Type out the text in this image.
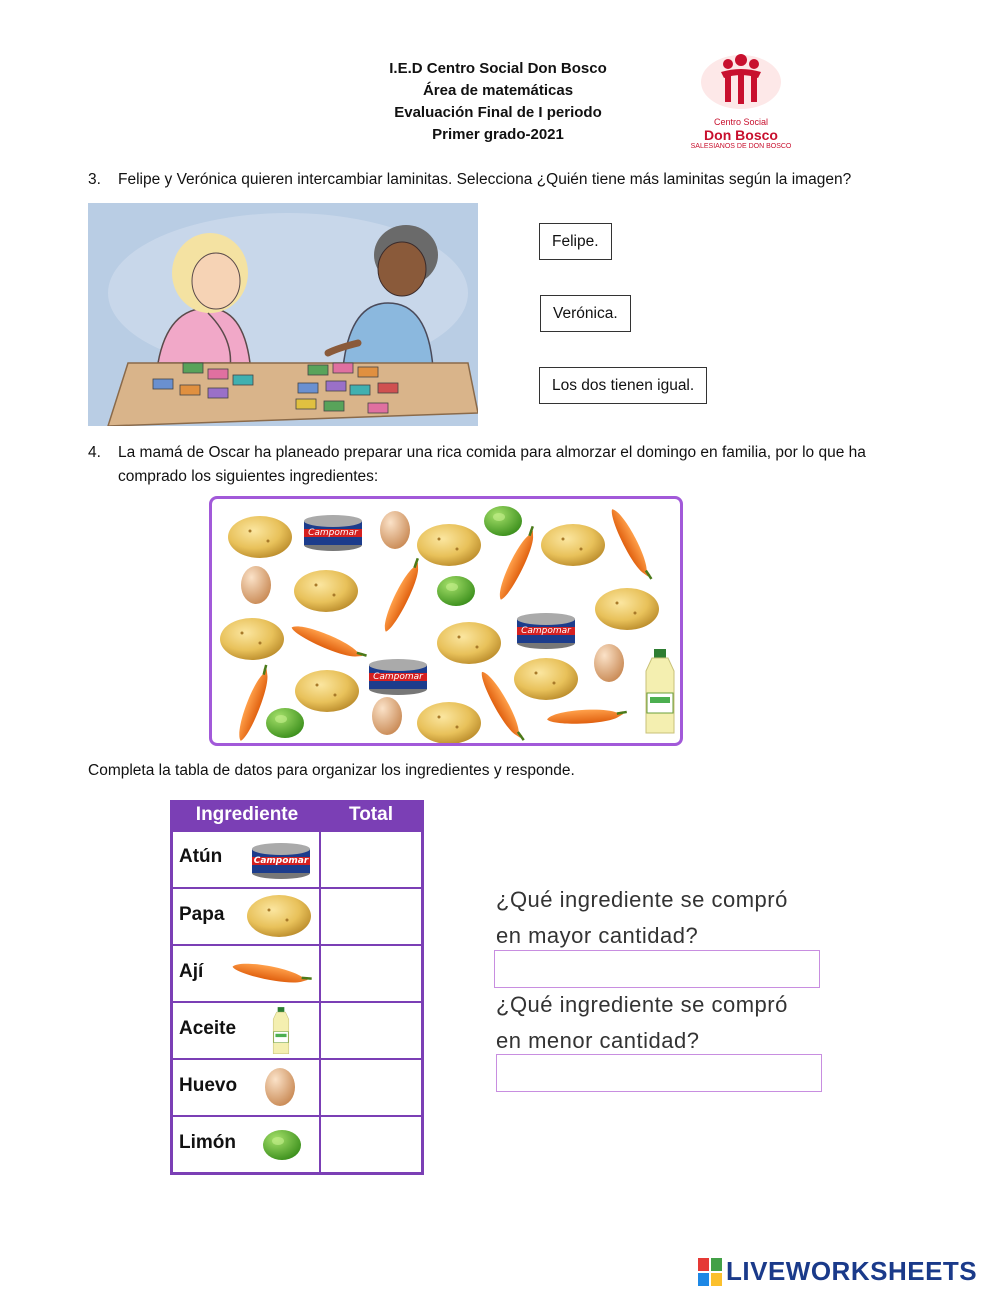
I.E.D Centro Social Don Bosco
Área de matemáticas
Evaluación Final de I periodo
Primer grado-2021
Centro Social
Don Bosco
SALESIANOS DE DON BOSCO
3. Felipe y Verónica quieren intercambiar laminitas. Selecciona ¿Quién tiene más laminitas según la imagen?
Felipe.
Verónica.
Los dos tienen igual.
4. La mamá de Oscar ha planeado preparar una rica comida para almorzar el domingo en familia, por lo que ha
comprado los siguientes ingredientes:
Completa la tabla de datos para organizar los ingredientes y responde.
Ingrediente	Total
Atún
Papa
Ají
Aceite
Huevo
Limón
¿Qué ingrediente se compró
en mayor cantidad?
¿Qué ingrediente se compró
en menor cantidad?
LIVEWORKSHEETS
